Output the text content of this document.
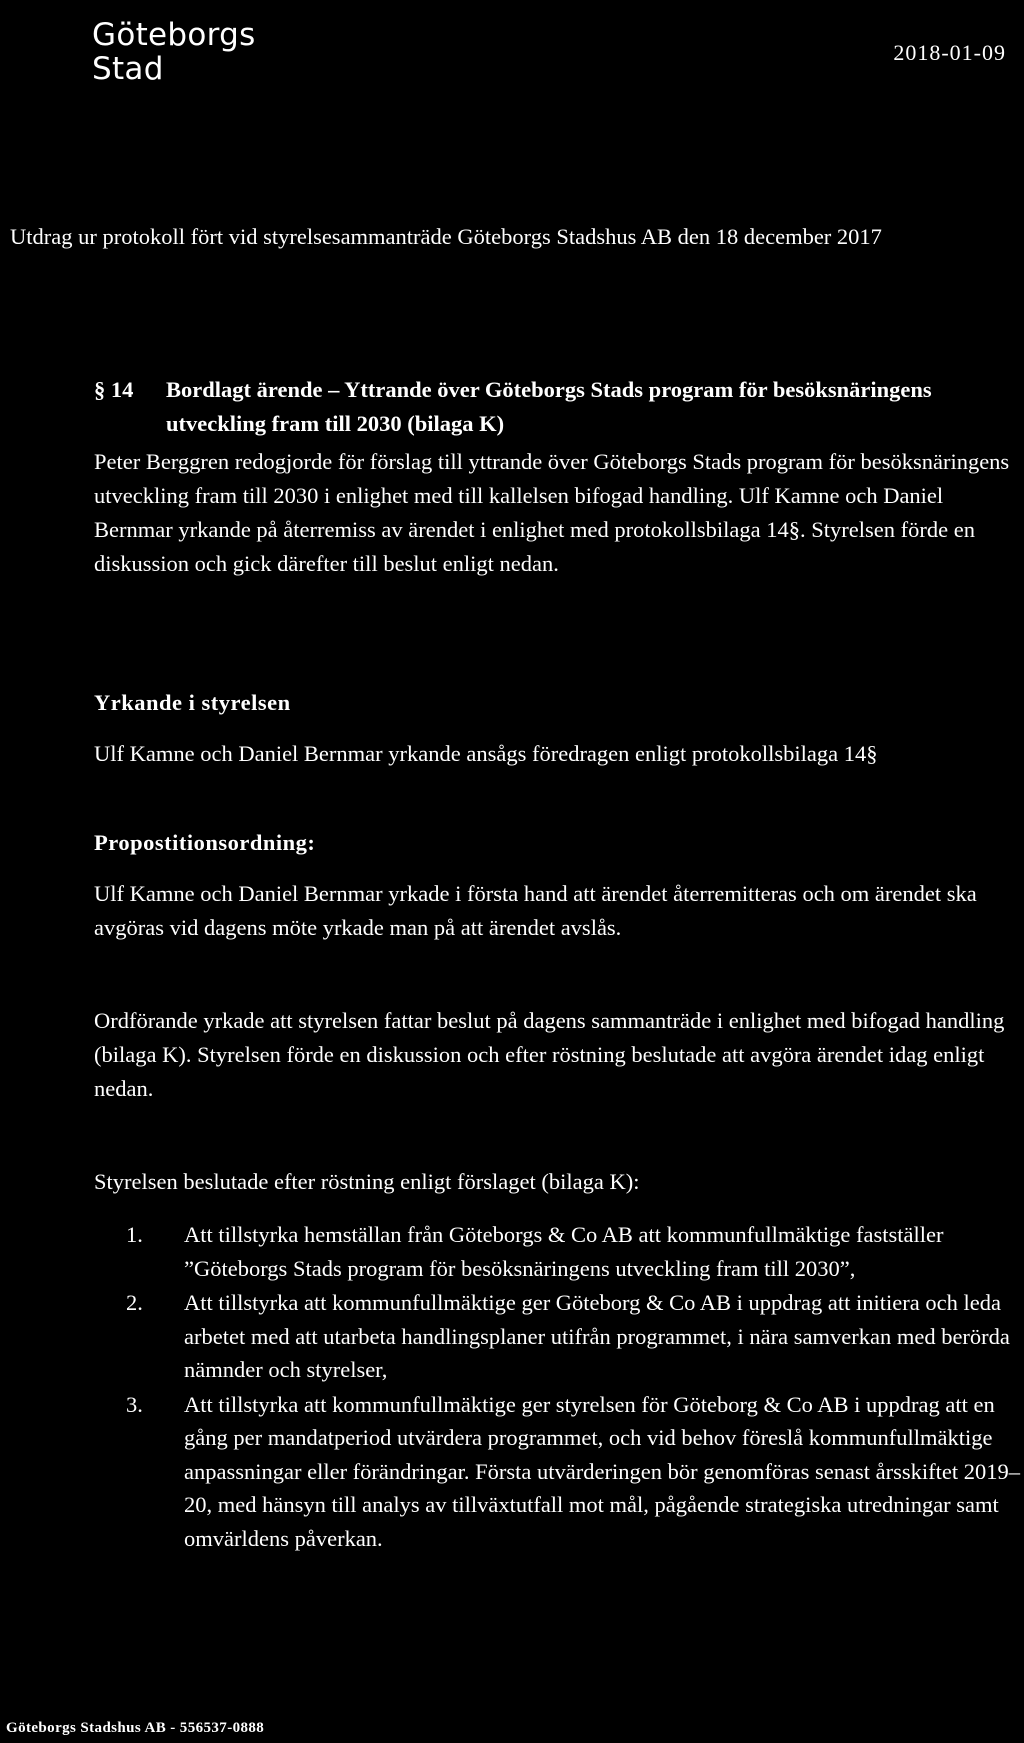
Göteborgs
Stad	2018-01-09
Utdrag ur protokoll fört vid styrelsesammanträde Göteborgs Stadshus AB den 18 december 2017
§ 14 Bordlagt ärende – Yttrande över Göteborgs Stads program för besöksnäringens utveckling fram till 2030 (bilaga K)
Peter Berggren redogjorde för förslag till yttrande över Göteborgs Stads program för besöksnäringens utveckling fram till 2030 i enlighet med till kallelsen bifogad handling. Ulf Kamne och Daniel Bernmar yrkande på återremiss av ärendet i enlighet med protokollsbilaga 14§. Styrelsen förde en diskussion och gick därefter till beslut enligt nedan.
Yrkande i styrelsen
Ulf Kamne och Daniel Bernmar yrkande ansågs föredragen enligt protokollsbilaga 14§
Propostitionsordning:
Ulf Kamne och Daniel Bernmar yrkade i första hand att ärendet återremitteras och om ärendet ska avgöras vid dagens möte yrkade man på att ärendet avslås.
Ordförande yrkade att styrelsen fattar beslut på dagens sammanträde i enlighet med bifogad handling (bilaga K). Styrelsen förde en diskussion och efter röstning beslutade att avgöra ärendet idag enligt nedan.
Styrelsen beslutade efter röstning enligt förslaget (bilaga K):
1.	Att tillstyrka hemställan från Göteborgs & Co AB att kommunfullmäktige fastställer ”Göteborgs Stads program för besöksnäringens utveckling fram till 2030”,
2.	Att tillstyrka att kommunfullmäktige ger Göteborg & Co AB i uppdrag att initiera och leda arbetet med att utarbeta handlingsplaner utifrån programmet, i nära samverkan med berörda nämnder och styrelser,
3.	Att tillstyrka att kommunfullmäktige ger styrelsen för Göteborg & Co AB i uppdrag att en gång per mandatperiod utvärdera programmet, och vid behov föreslå kommunfullmäktige anpassningar eller förändringar. Första utvärderingen bör genomföras senast årsskiftet 2019–20, med hänsyn till analys av tillväxtutfall mot mål, pågående strategiska utredningar samt omvärldens påverkan.
Göteborgs Stadshus AB - 556537-0888
